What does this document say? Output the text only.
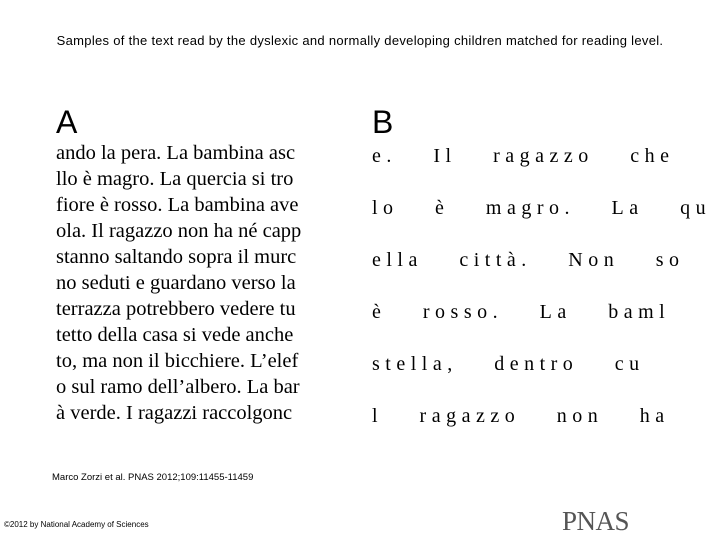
Samples of the text read by the dyslexic and normally developing children matched for reading level.
A	B
ando la pera. La bambina asc
llo è magro. La quercia si tro
fiore è rosso. La bambina ave
ola. Il ragazzo non ha né capp
stanno saltando sopra il murc
no seduti e guardano verso la
terrazza potrebbero vedere tu
tetto della casa si vede anche
to, ma non il bicchiere. L’elef
o sul ramo dell’albero. La bar
à verde. I ragazzi raccolgonc
e. Il ragazzo che
lo è magro. La qu
ella città. Non so
è rosso. La baml
stella, dentro cu
l ragazzo non ha
Marco Zorzi et al. PNAS 2012;109:11455-11459
©2012 by National Academy of Sciences	PNAS
